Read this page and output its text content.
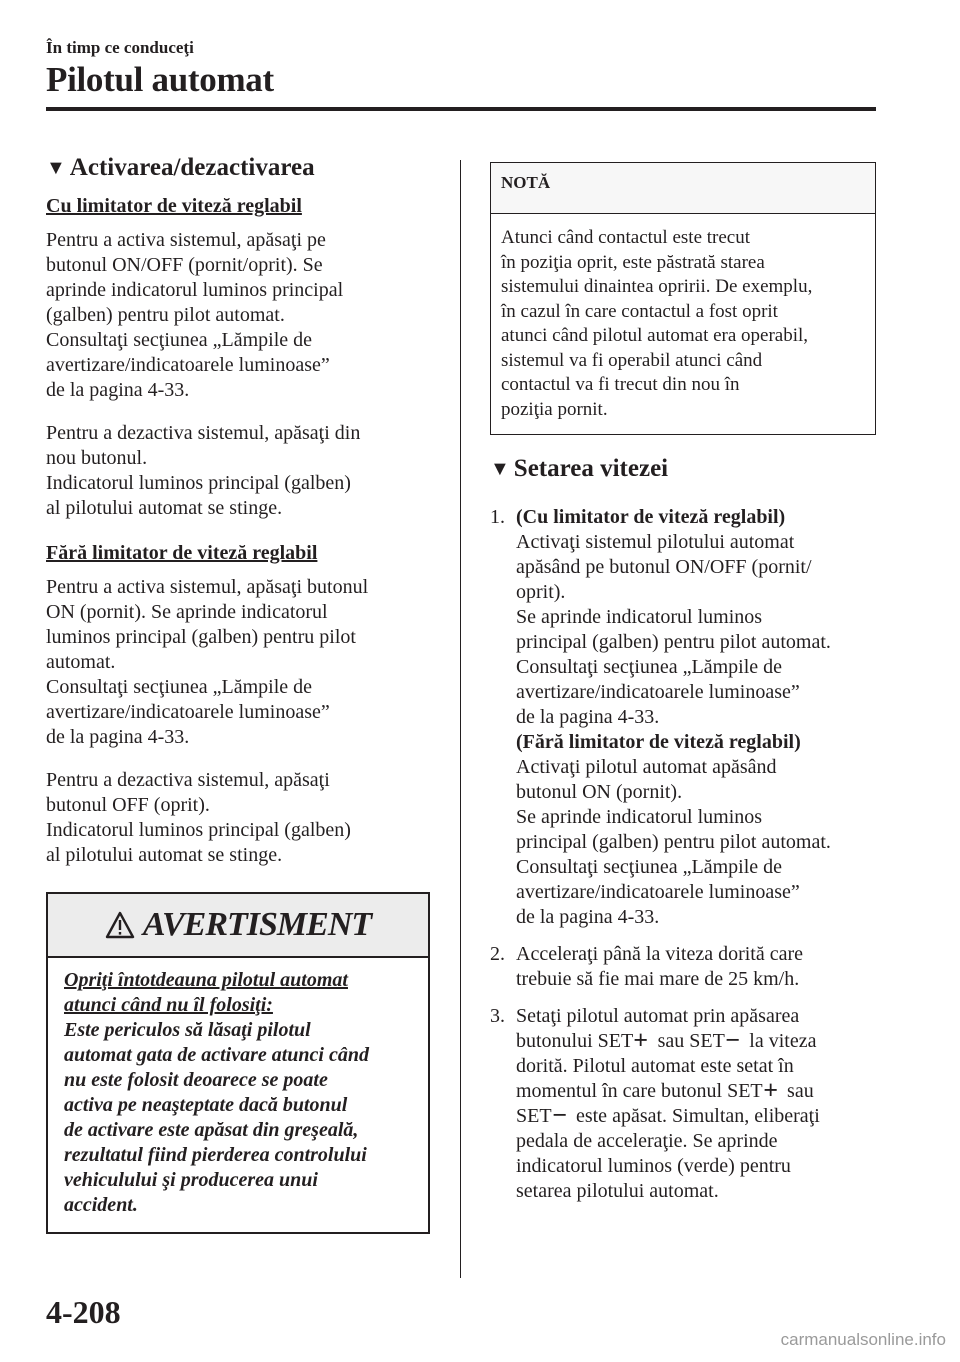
În timp ce conduceţi
Pilotul automat
▼ Activarea/dezactivarea
Cu limitator de viteză reglabil

Pentru a activa sistemul, apăsaţi pe
butonul ON/OFF (pornit/oprit). Se
aprinde indicatorul luminos principal
(galben) pentru pilot automat.
Consultaţi secţiunea „Lămpile de
avertizare/indicatoarele luminoase”
de la pagina 4-33.

Pentru a dezactiva sistemul, apăsaţi din
nou butonul.
Indicatorul luminos principal (galben)
al pilotului automat se stinge.

Fără limitator de viteză reglabil

Pentru a activa sistemul, apăsaţi butonul
ON (pornit). Se aprinde indicatorul
luminos principal (galben) pentru pilot
automat.
Consultaţi secţiunea „Lămpile de
avertizare/indicatoarele luminoase”
de la pagina 4-33.

Pentru a dezactiva sistemul, apăsaţi
butonul OFF (oprit).
Indicatorul luminos principal (galben)
al pilotului automat se stinge.

AVERTISMENT
Opriţi întotdeauna pilotul automat
atunci când nu îl folosiţi:
Este periculos să lăsaţi pilotul
automat gata de activare atunci când
nu este folosit deoarece se poate
activa pe neaşteptate dacă butonul
de activare este apăsat din greşeală,
rezultatul fiind pierderea controlului
vehiculului şi producerea unui
accident.
NOTĂ
Atunci când contactul este trecut
în poziţia oprit, este păstrată starea
sistemului dinaintea opririi. De exemplu,
în cazul în care contactul a fost oprit
atunci când pilotul automat era operabil,
sistemul va fi operabil atunci când
contactul va fi trecut din nou în
poziţia pornit.
▼ Setarea vitezei
1. (Cu limitator de viteză reglabil)
Activaţi sistemul pilotului automat
apăsând pe butonul ON/OFF (pornit/
oprit).
Se aprinde indicatorul luminos
principal (galben) pentru pilot automat.
Consultaţi secţiunea „Lămpile de
avertizare/indicatoarele luminoase”
de la pagina 4-33.
(Fără limitator de viteză reglabil)
Activaţi pilotul automat apăsând
butonul ON (pornit).
Se aprinde indicatorul luminos
principal (galben) pentru pilot automat.
Consultaţi secţiunea „Lămpile de
avertizare/indicatoarele luminoase”
de la pagina 4-33.
2. Acceleraţi până la viteza dorită care
trebuie să fie mai mare de 25 km/h.
3. Setaţi pilotul automat prin apăsarea
butonului SET+ sau SET− la viteza
dorită. Pilotul automat este setat în
momentul în care butonul SET+ sau
SET− este apăsat. Simultan, eliberaţi
pedala de acceleraţie. Se aprinde
indicatorul luminos (verde) pentru
setarea pilotului automat.
4-208
carmanualsonline.info
